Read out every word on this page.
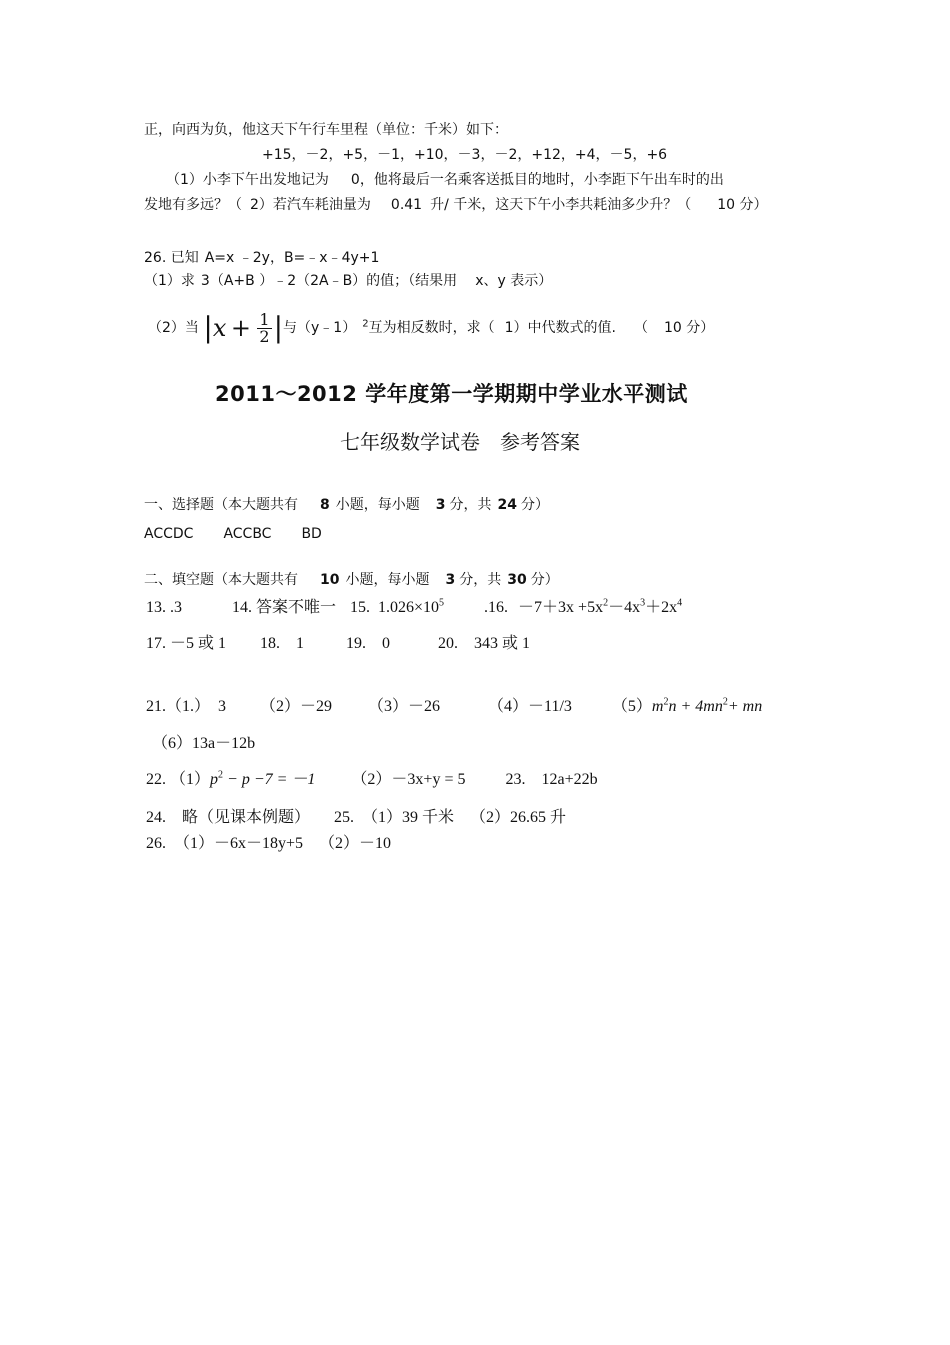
正，向西为负，他这天下午行车里程（单位：千米）如下：
+15，－2，+5，－1，+10，－3，－2，+12，+4，－5，+6
（1）小李下午出发地记为 0，他将最后一名乘客送抵目的地时，小李距下午出车时的出
发地有多远？（ 2）若汽车耗油量为 0.41 升/ 千米，这天下午小李共耗油多少升？（ 10 分）
26. 已知 A=x ﹣2y，B=﹣x﹣4y+1
（1）求 3（A+B ）﹣2（2A﹣B）的值；（结果用 x、y 表示）
（2）当 $|x + \frac{1}{2}$ |与（y﹣1） $^2$互为相反数时，求（ 1）中代数式的值. （ 10 分）
2011～2012 学年度第一学期期中学业水平测试
七年级数学试卷　参考答案
一、选择题（本大题共有 8 小题，每小题 3 分，共 24 分）
ACCDC ACCBC BD
二、填空题（本大题共有 10 小题，每小题 3 分，共 30 分）
13. .3	14. 答案不唯一 15. $1.026\times 10^5$	.16. $-7+3x +5x^2-4x^3+2x^4$
17. －5 或 1 18.　1	19.　0	20.　343 或 1
21.（1.）　3 （2）－29 （3）－26	（4）－11/3	$(5)m^2n + 4mn^2+$ mn
（6）13a－12b
22. $(1)p^2 - p -7 = -1$ （2）－3x+y = 5	23.　12a+22b
24.　略（见课本例题） 25.　（1）39 千米 （2）26.65 升
26.　（1）－6x－18y+5 （2）－10
